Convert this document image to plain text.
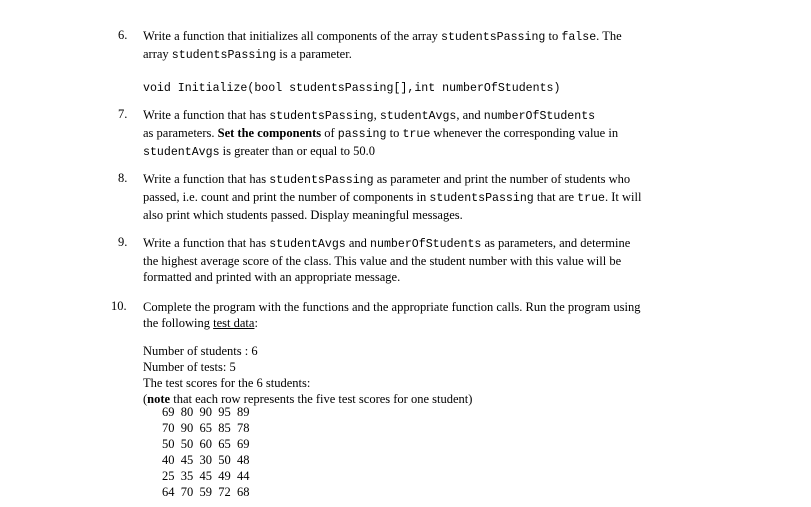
6. Write a function that initializes all components of the array studentsPassing to false. The
array studentsPassing is a parameter.
void Initialize(bool studentsPassing[],int numberOfStudents)
7. Write a function that has studentsPassing, studentAvgs, and numberOfStudents
as parameters. Set the components of passing to true whenever the corresponding value in
studentAvgs is greater than or equal to 50.0
8. Write a function that has studentsPassing as parameter and print the number of students who
passed, i.e. count and print the number of components in studentsPassing that are true. It will
also print which students passed. Display meaningful messages.
9. Write a function that has studentAvgs and numberOfStudents as parameters, and determine
the highest average score of the class. This value and the student number with this value will be
formatted and printed with an appropriate message.
10. Complete the program with the functions and the appropriate function calls. Run the program using
the following test data:
Number of students : 6
Number of tests: 5
The test scores for the 6 students:
(note that each row represents the five test scores for one student)
69  80  90  95  89
70  90  65  85  78
50  50  60  65  69
40  45  30  50  48
25  35  45  49  44
64  70  59  72  68
